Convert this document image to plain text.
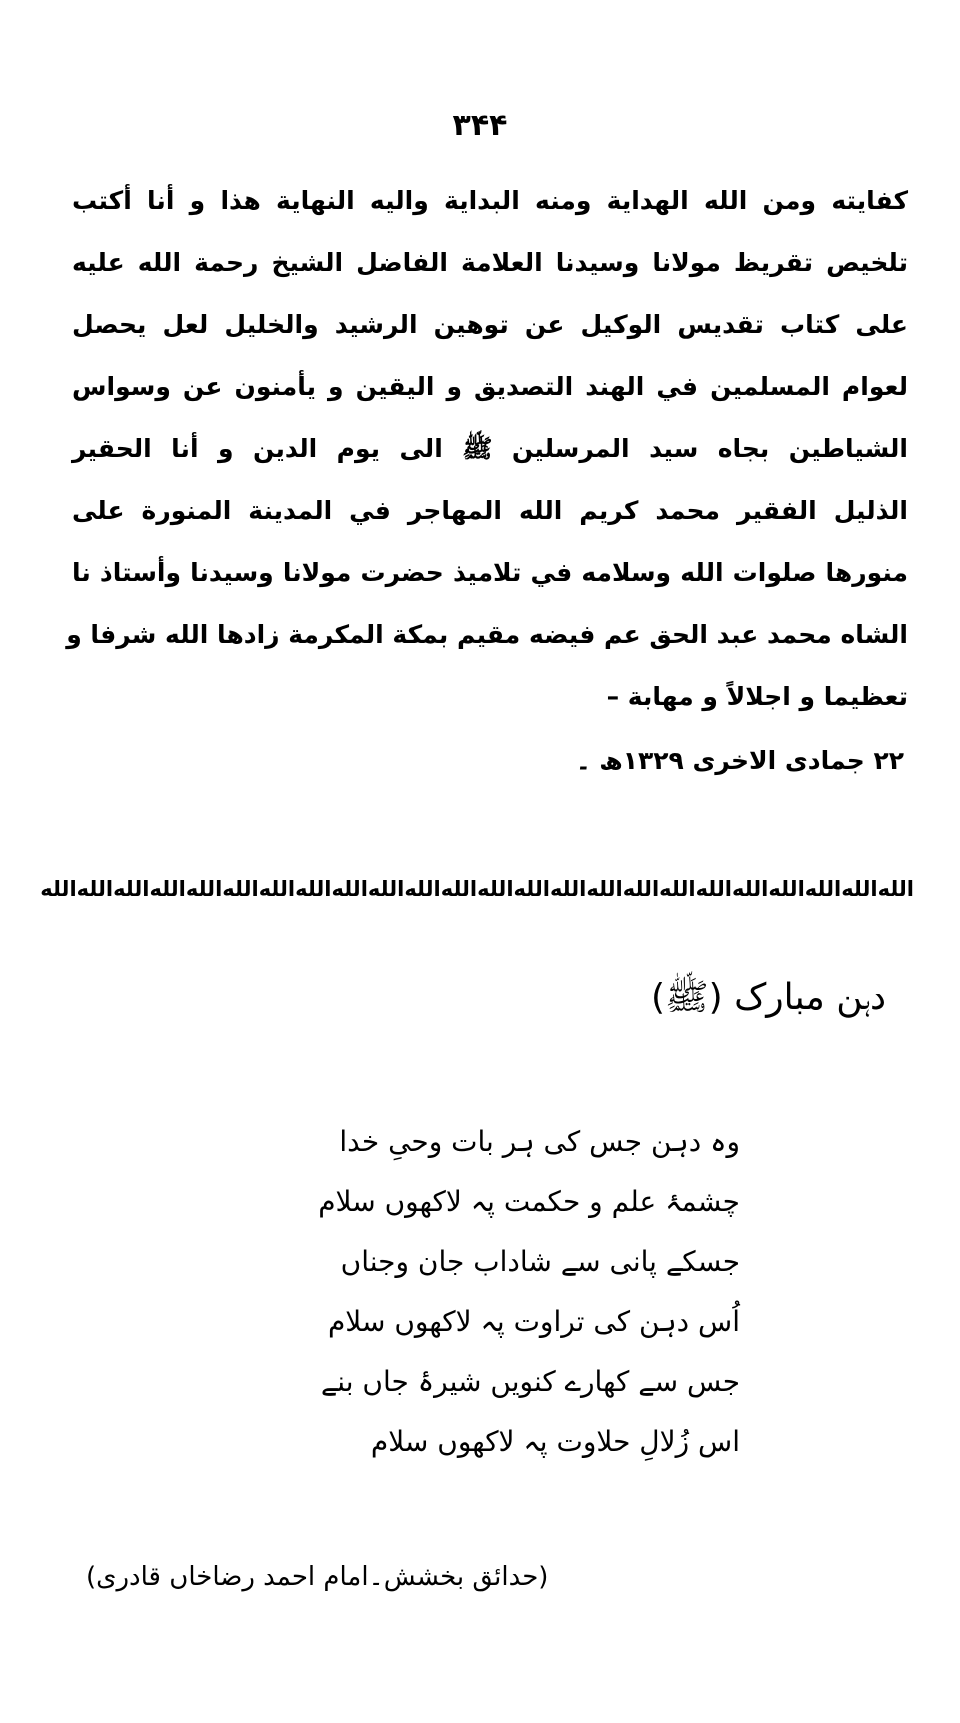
۳۴۴
كفايته ومن الله الهداية ومنه البداية واليه النهاية هذا و أنا أكتب
تلخيص تقريظ مولانا وسيدنا العلامة الفاضل الشيخ رحمة الله عليه
على كتاب تقديس الوكيل عن توهين الرشيد والخليل لعل يحصل
لعوام المسلمين في الهند التصديق و اليقين و يأمنون عن وسواس
الشياطين بجاه سيد المرسلين ﷺ الى يوم الدين و أنا الحقير
الذليل الفقير محمد كريم الله المهاجر في المدينة المنورة على
منورها صلوات الله وسلامه في تلاميذ حضرت مولانا وسيدنا وأستاذ نا
الشاه محمد عبد الحق عم فيضه مقيم بمكة المكرمة زادها الله شرفا و
تعظيما و اجلالاً و مهابة –
۲۲ جمادی الاخری ۱۳۲۹ھ ۔
الله
الله
الله
الله
الله
الله
الله
الله
الله
الله
الله
الله
الله
الله
الله
الله
الله
الله
الله
الله
الله
الله
الله
الله
دہن مبارک (ﷺ)
وہ دہن جس کی ہر بات وحیِ خدا
چشمۂ علم و حکمت پہ لاکھوں سلام
جسکے پانی سے شاداب جان وجناں
اُس دہن کی تراوت پہ لاکھوں سلام
جس سے کھارے کنویں شیرۂ جاں بنے
اس زُلالِ حلاوت پہ لاکھوں سلام
(حدائق بخشش۔امام احمد رضاخاں قادری)
